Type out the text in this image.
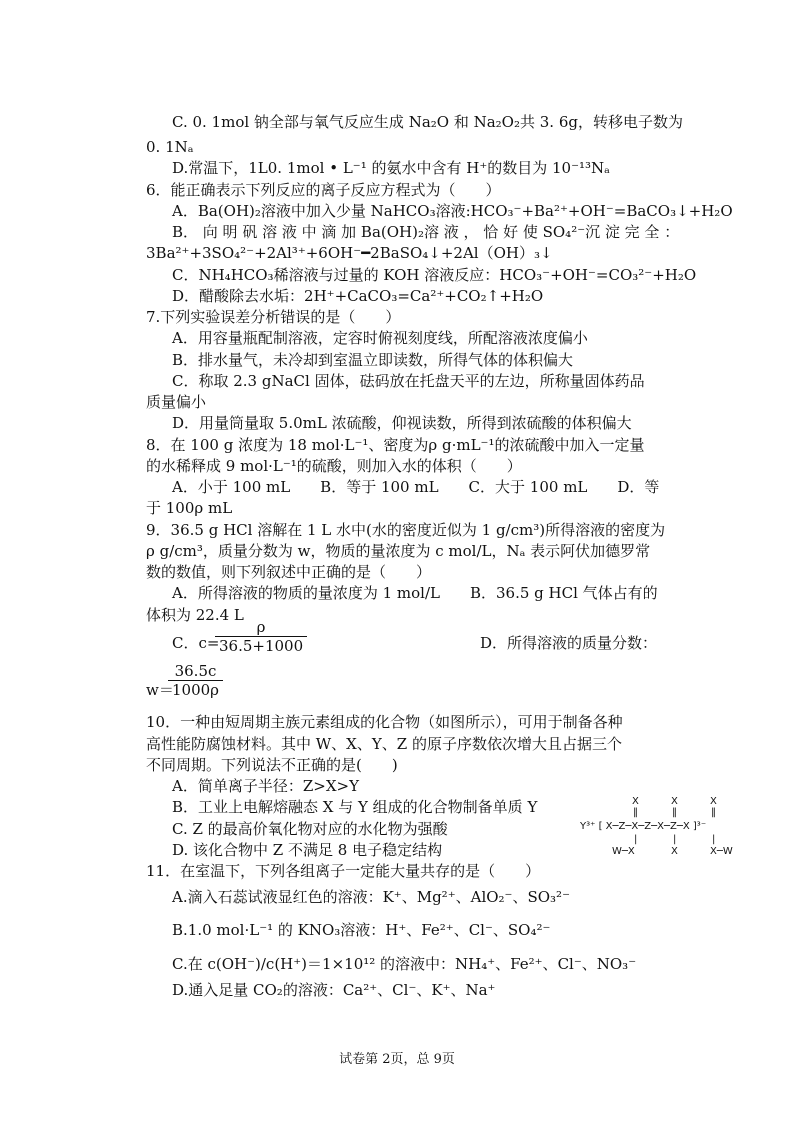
C. 0. 1mol 钠全部与氧气反应生成 Na₂O 和 Na₂O₂共 3. 6g，转移电子数为
0. 1Nₐ
D.常温下，1L0. 1mol • L⁻¹ 的氨水中含有 H⁺的数目为 10⁻¹³Nₐ
6．能正确表示下列反应的离子反应方程式为（　　）
A．Ba(OH)₂溶液中加入少量 NaHCO₃溶液:HCO₃⁻+Ba²⁺+OH⁻=BaCO₃↓+H₂O
B． 向 明 矾 溶 液 中 滴 加 Ba(OH)₂溶 液 ， 恰 好 使 SO₄²⁻沉 淀 完 全 ：
3Ba²⁺+3SO₄²⁻+2Al³⁺+6OH⁻━2BaSO₄↓+2Al（OH）₃↓
C．NH₄HCO₃稀溶液与过量的 KOH 溶液反应：HCO₃⁻+OH⁻=CO₃²⁻+H₂O
D．醋酸除去水垢：2H⁺+CaCO₃=Ca²⁺+CO₂↑+H₂O
7.下列实验误差分析错误的是（　　）
A．用容量瓶配制溶液，定容时俯视刻度线，所配溶液浓度偏小
B．排水量气，未冷却到室温立即读数，所得气体的体积偏大
C．称取 2.3 gNaCl 固体，砝码放在托盘天平的左边，所称量固体药品
质量偏小
D．用量筒量取 5.0mL 浓硫酸，仰视读数，所得到浓硫酸的体积偏大
8．在 100 g 浓度为 18 mol·L⁻¹、密度为ρ g·mL⁻¹的浓硫酸中加入一定量
的水稀释成 9 mol·L⁻¹的硫酸，则加入水的体积（　　）
A．小于 100 mL　　B．等于 100 mL　　C．大于 100 mL　　D．等
于 100ρ mL
9．36.5 g HCl 溶解在 1 L 水中(水的密度近似为 1 g/cm³)所得溶液的密度为
ρ g/cm³，质量分数为 w，物质的量浓度为 c mol/L，Nₐ 表示阿伏加德罗常
数的数值，则下列叙述中正确的是（　　）
A．所得溶液的物质的量浓度为 1 mol/L　　B．36.5 g HCl 气体占有的
体积为 22.4 L
C．c=
$\frac{\rho}{36.5+1000}$	D．所得溶液的质量分数：
w＝
$\frac{36.5c}{1000\rho}$
10．一种由短周期主族元素组成的化合物（如图所示），可用于制备各种
高性能防腐蚀材料。其中 W、X、Y、Z 的原子序数依次增大且占据三个
不同周期。下列说法不正确的是(　　)
A．简单离子半径：Z>X>Y
B．工业上电解熔融态 X 与 Y 组成的化合物制备单质 Y
C. Z 的最高价氧化物对应的水化物为强酸
D. 该化合物中 Z 不满足 8 电子稳定结构
X	X	X
‖	‖	‖
Y³⁺ [ X─Z─X─Z─X─Z─X ]³⁻
|	|	|
W─X	X	X─W
11．在室温下，下列各组离子一定能大量共存的是（　　）
A.滴入石蕊试液显红色的溶液：K⁺、Mg²⁺、AlO₂⁻、SO₃²⁻
B.1.0 mol·L⁻¹ 的 KNO₃溶液：H⁺、Fe²⁺、Cl⁻、SO₄²⁻
C.在 c(OH⁻)/c(H⁺)＝1×10¹² 的溶液中：NH₄⁺、Fe²⁺、Cl⁻、NO₃⁻
D.通入足量 CO₂的溶液：Ca²⁺、Cl⁻、K⁺、Na⁺
试卷第 2页，总 9页
